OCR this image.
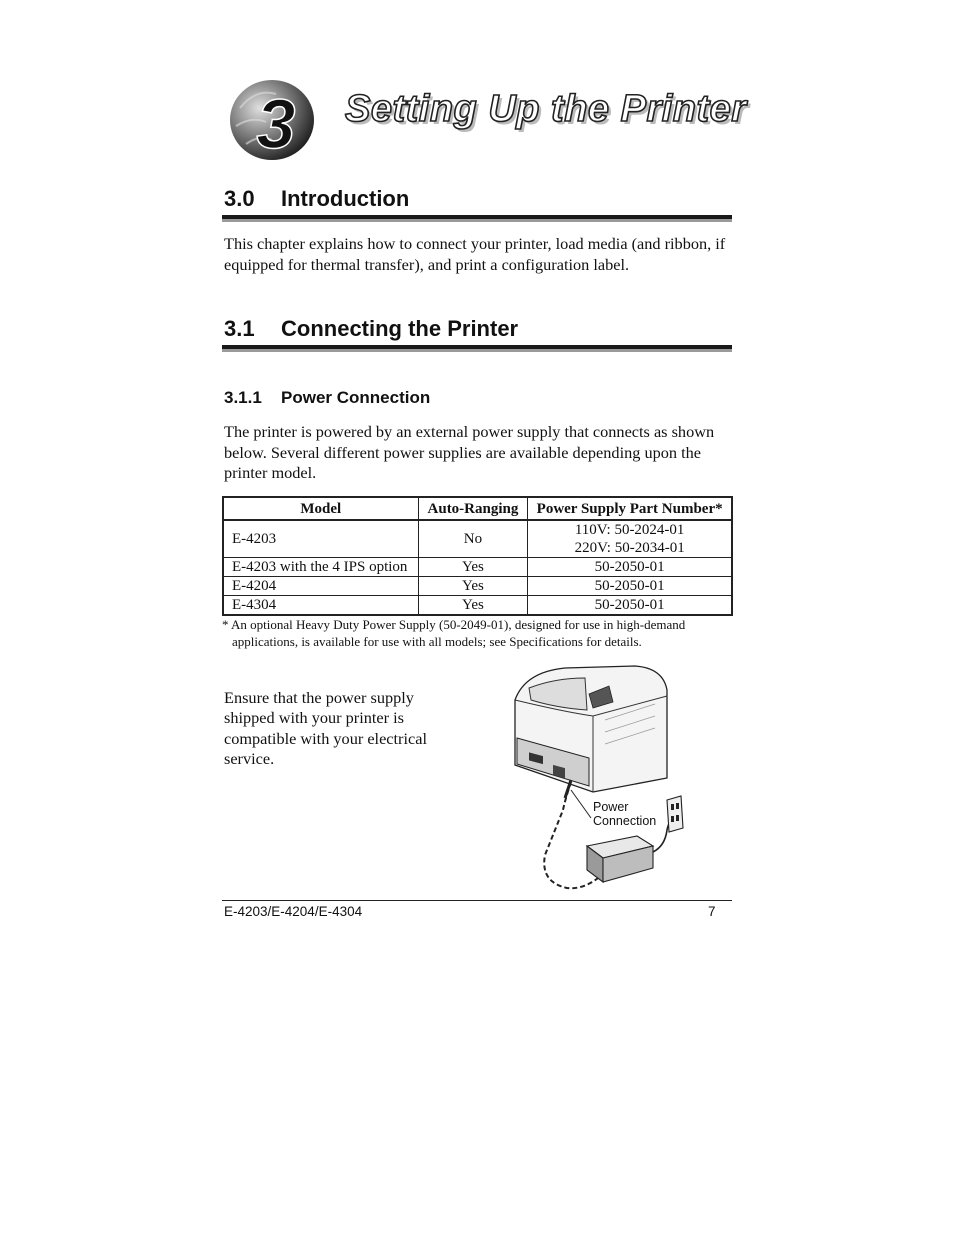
3 Setting Up the Printer
3.0 Introduction
This chapter explains how to connect your printer, load media (and ribbon, if equipped for thermal transfer), and print a configuration label.
3.1 Connecting the Printer
3.1.1 Power Connection
The printer is powered by an external power supply that connects as shown below. Several different power supplies are available depending upon the printer model.
Model	Auto-Ranging	Power Supply Part Number*
E-4203	No	110V: 50-2024-01
220V: 50-2034-01

E-4203 with the 4 IPS option	Yes	50-2050-01
E-4204	Yes	50-2050-01
E-4304	Yes	50-2050-01
* An optional Heavy Duty Power Supply (50-2049-01), designed for use in high-demand
applications, is available for use with all models; see Specifications for details.
Ensure that the power supply shipped with your printer is compatible with your electrical service.
Power
Connection
E-4203/E-4204/E-4304	7
